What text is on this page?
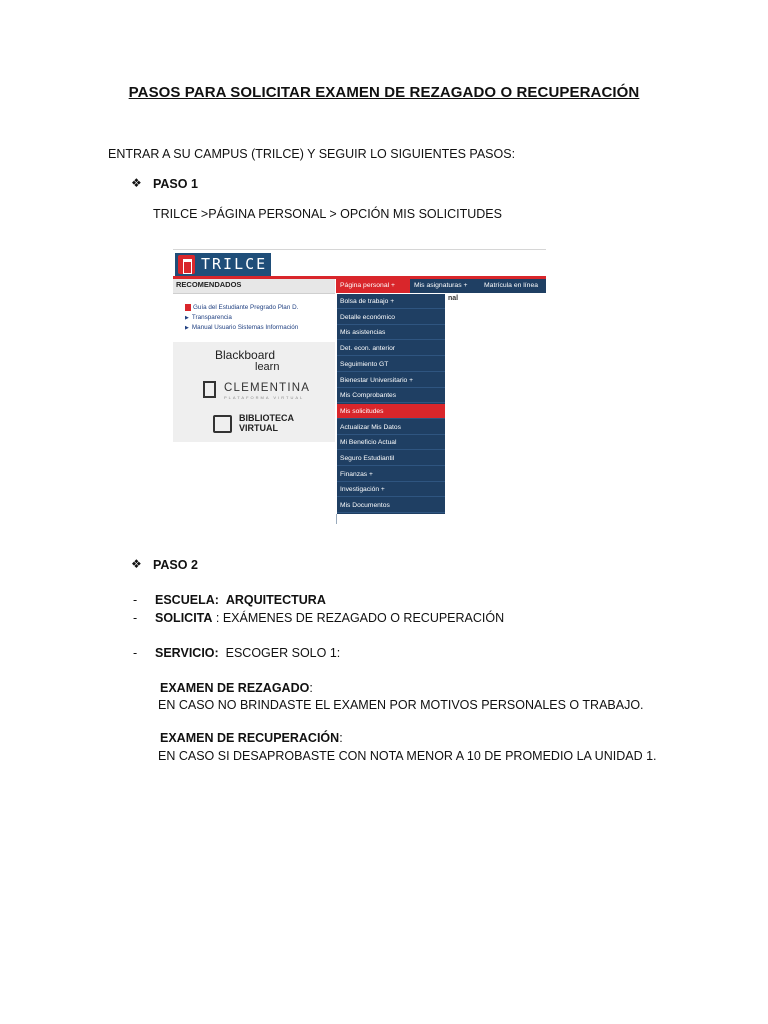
PASOS PARA SOLICITAR EXAMEN DE REZAGADO O RECUPERACIÓN
ENTRAR A SU CAMPUS (TRILCE) Y SEGUIR LO SIGUIENTES PASOS:
❖ PASO 1
TRILCE >PÁGINA PERSONAL > OPCIÓN MIS SOLICITUDES
TRILCE
RECOMENDADOS	Página personal +	Mis asignaturas +	Matrícula en línea
Guía del Estudiante Pregrado Plan D.
▶ Transparencia
▶ Manual Usuario Sistemas Información
Blackboard
learn
CLEMENTINA
PLATAFORMA VIRTUAL
BIBLIOTECA
VIRTUAL
nal
Bolsa de trabajo +
Detalle económico
Mis asistencias
Det. econ. anterior
Seguimiento GT
Bienestar Universitario +
Mis Comprobantes
Mis solicitudes
Actualizar Mis Datos
Mi Beneficio Actual
Seguro Estudiantil
Finanzas +
Investigación +
Mis Documentos
❖ PASO 2
- ESCUELA: ARQUITECTURA
- SOLICITA : EXÁMENES DE REZAGADO O RECUPERACIÓN
- SERVICIO: ESCOGER SOLO 1:
EXAMEN DE REZAGADO:
EN CASO NO BRINDASTE EL EXAMEN POR MOTIVOS PERSONALES O TRABAJO.
EXAMEN DE RECUPERACIÓN:
EN CASO SI DESAPROBASTE CON NOTA MENOR A 10 DE PROMEDIO LA UNIDAD 1.
